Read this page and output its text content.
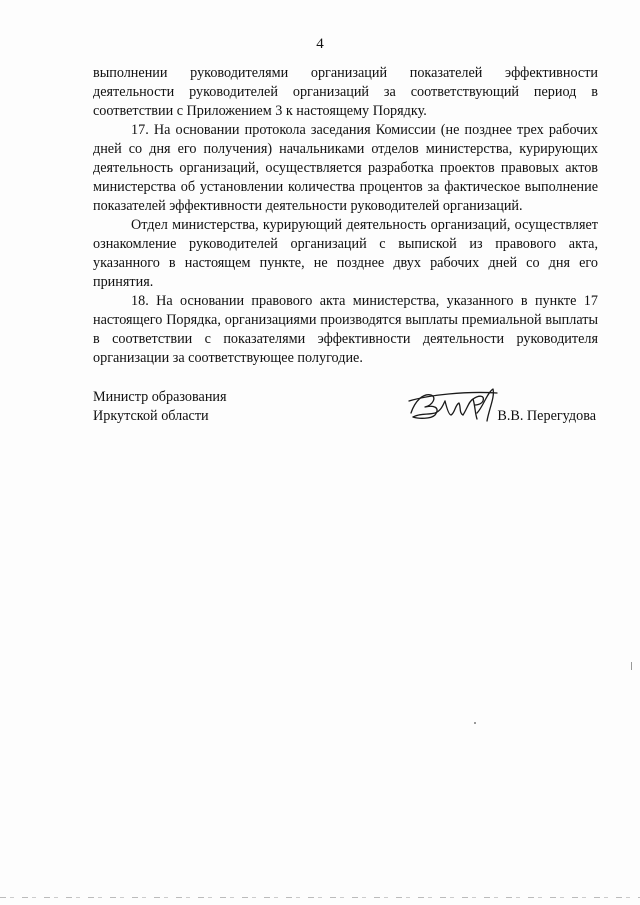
4

выполнении руководителями организаций показателей эффективности деятельности руководителей организаций за соответствующий период в соответствии с Приложением 3 к настоящему Порядку.

17. На основании протокола заседания Комиссии (не позднее трех рабочих дней со дня его получения) начальниками отделов министерства, курирующих деятельность организаций, осуществляется разработка проектов правовых актов министерства об установлении количества процентов за фактическое выполнение показателей эффективности деятельности руководителей организаций.

Отдел министерства, курирующий деятельность организаций, осуществляет ознакомление руководителей организаций с выпиской из правового акта, указанного в настоящем пункте, не позднее двух рабочих дней со дня его принятия.

18. На основании правового акта министерства, указанного в пункте 17 настоящего Порядка, организациями производятся выплаты премиальной выплаты в соответствии с показателями эффективности деятельности руководителя организации за соответствующее полугодие.

Министр образования
Иркутской области	В.В. Перегудова
